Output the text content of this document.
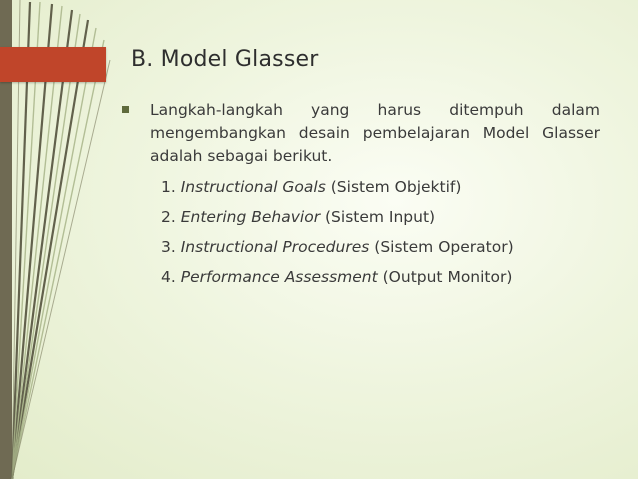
B. Model Glasser
Langkah-langkah yang harus ditempuh dalam mengembangkan desain pembelajaran Model Glasser adalah sebagai berikut.
1. Instructional Goals (Sistem Objektif)
2. Entering Behavior (Sistem Input)
3. Instructional Procedures (Sistem Operator)
4. Performance Assessment (Output Monitor)
